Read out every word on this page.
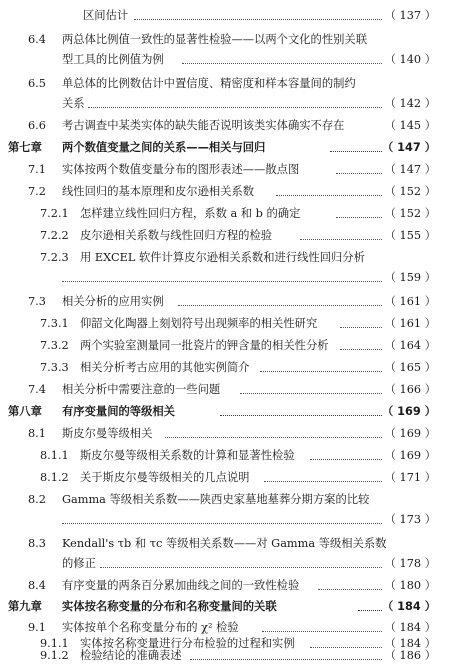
区间估计	（ 137 ）
6.4 两总体比例值一致性的显著性检验——以两个文化的性别关联
型工具的比例值为例	（ 140 ）
6.5 单总体的比例数估计中置信度、精密度和样本容量间的制约
关系	（ 142 ）
6.6 考古调查中某类实体的缺失能否说明该类实体确实不存在	（ 145 ）
第七章 两个数值变量之间的关系——相关与回归	（ 147 ）
7.1 实体按两个数值变量分布的图形表述——散点图	（ 147 ）
7.2 线性回归的基本原理和皮尔逊相关系数	（ 152 ）
7.2.1 怎样建立线性回归方程，系数 a 和 b 的确定	（ 152 ）
7.2.2 皮尔逊相关系数与线性回归方程的检验	（ 155 ）
7.2.3 用 EXCEL 软件计算皮尔逊相关系数和进行线性回归分析
（ 159 ）
7.3 相关分析的应用实例	（ 161 ）
7.3.1 仰韶文化陶器上刻划符号出现频率的相关性研究	（ 161 ）
7.3.2 两个实验室测量同一批瓷片的钾含量的相关性分析	（ 164 ）
7.3.3 相关分析考古应用的其他实例简介	（ 165 ）
7.4 相关分析中需要注意的一些问题	（ 166 ）
第八章 有序变量间的等级相关	（ 169 ）
8.1 斯皮尔曼等级相关	（ 169 ）
8.1.1 斯皮尔曼等级相关系数的计算和显著性检验	（ 169 ）
8.1.2 关于斯皮尔曼等级相关的几点说明	（ 171 ）
8.2 Gamma 等级相关系数——陕西史家墓地墓葬分期方案的比较
（ 173 ）
8.3 Kendall's τb 和 τc 等级相关系数——对 Gamma 等级相关系数
的修正	（ 178 ）
8.4 有序变量的两条百分累加曲线之间的一致性检验	（ 180 ）
第九章 实体按名称变量的分布和名称变量间的关联	（ 184 ）
9.1 实体按单个名称变量分布的 χ² 检验	（ 184 ）
9.1.1 实体按名称变量进行分布检验的过程和实例	（ 184 ）
9.1.2 检验结论的准确表述	（ 186 ）
